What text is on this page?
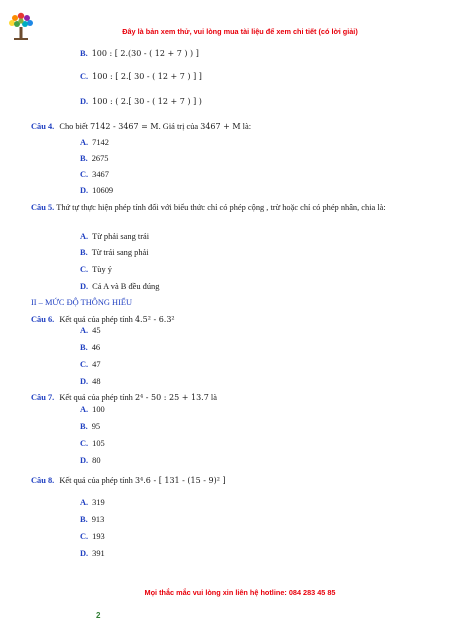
Đây là bản xem thử, vui lòng mua tài liệu để xem chi tiết (có lời giải)
B. 100 : [ 2.(30 - ( 12 + 7 ) ) ]
C. 100 : [ 2.[ 30 - ( 12 + 7 ) ] ]
D. 100 : ( 2.[ 30 - ( 12 + 7 ) ] )
Câu 4. Cho biết 7142 - 3467 = M. Giá trị của 3467 + M là:
A. 7142
B. 2675
C. 3467
D. 10609
Câu 5. Thứ tự thực hiện phép tính đối với biểu thức chỉ có phép cộng , trừ hoặc chỉ có phép nhân, chia là:
A. Từ phải sang trái
B. Từ trái sang phải
C. Tùy ý
D. Cả A và B đều đúng
II – MỨC ĐỘ THÔNG HIỂU
Câu 6. Kết quả của phép tính 4.5² - 6.3²
A. 45
B. 46
C. 47
D. 48
Câu 7. Kết quả của phép tính 2⁴ - 50 : 25 + 13.7 là
A. 100
B. 95
C. 105
D. 80
Câu 8. Kết quả của phép tính 3⁴.6 - [ 131 - (15 - 9)² ]
A. 319
B. 913
C. 193
D. 391
Mọi thắc mắc vui lòng xin liên hệ hotline: 084 283 45 85
2
